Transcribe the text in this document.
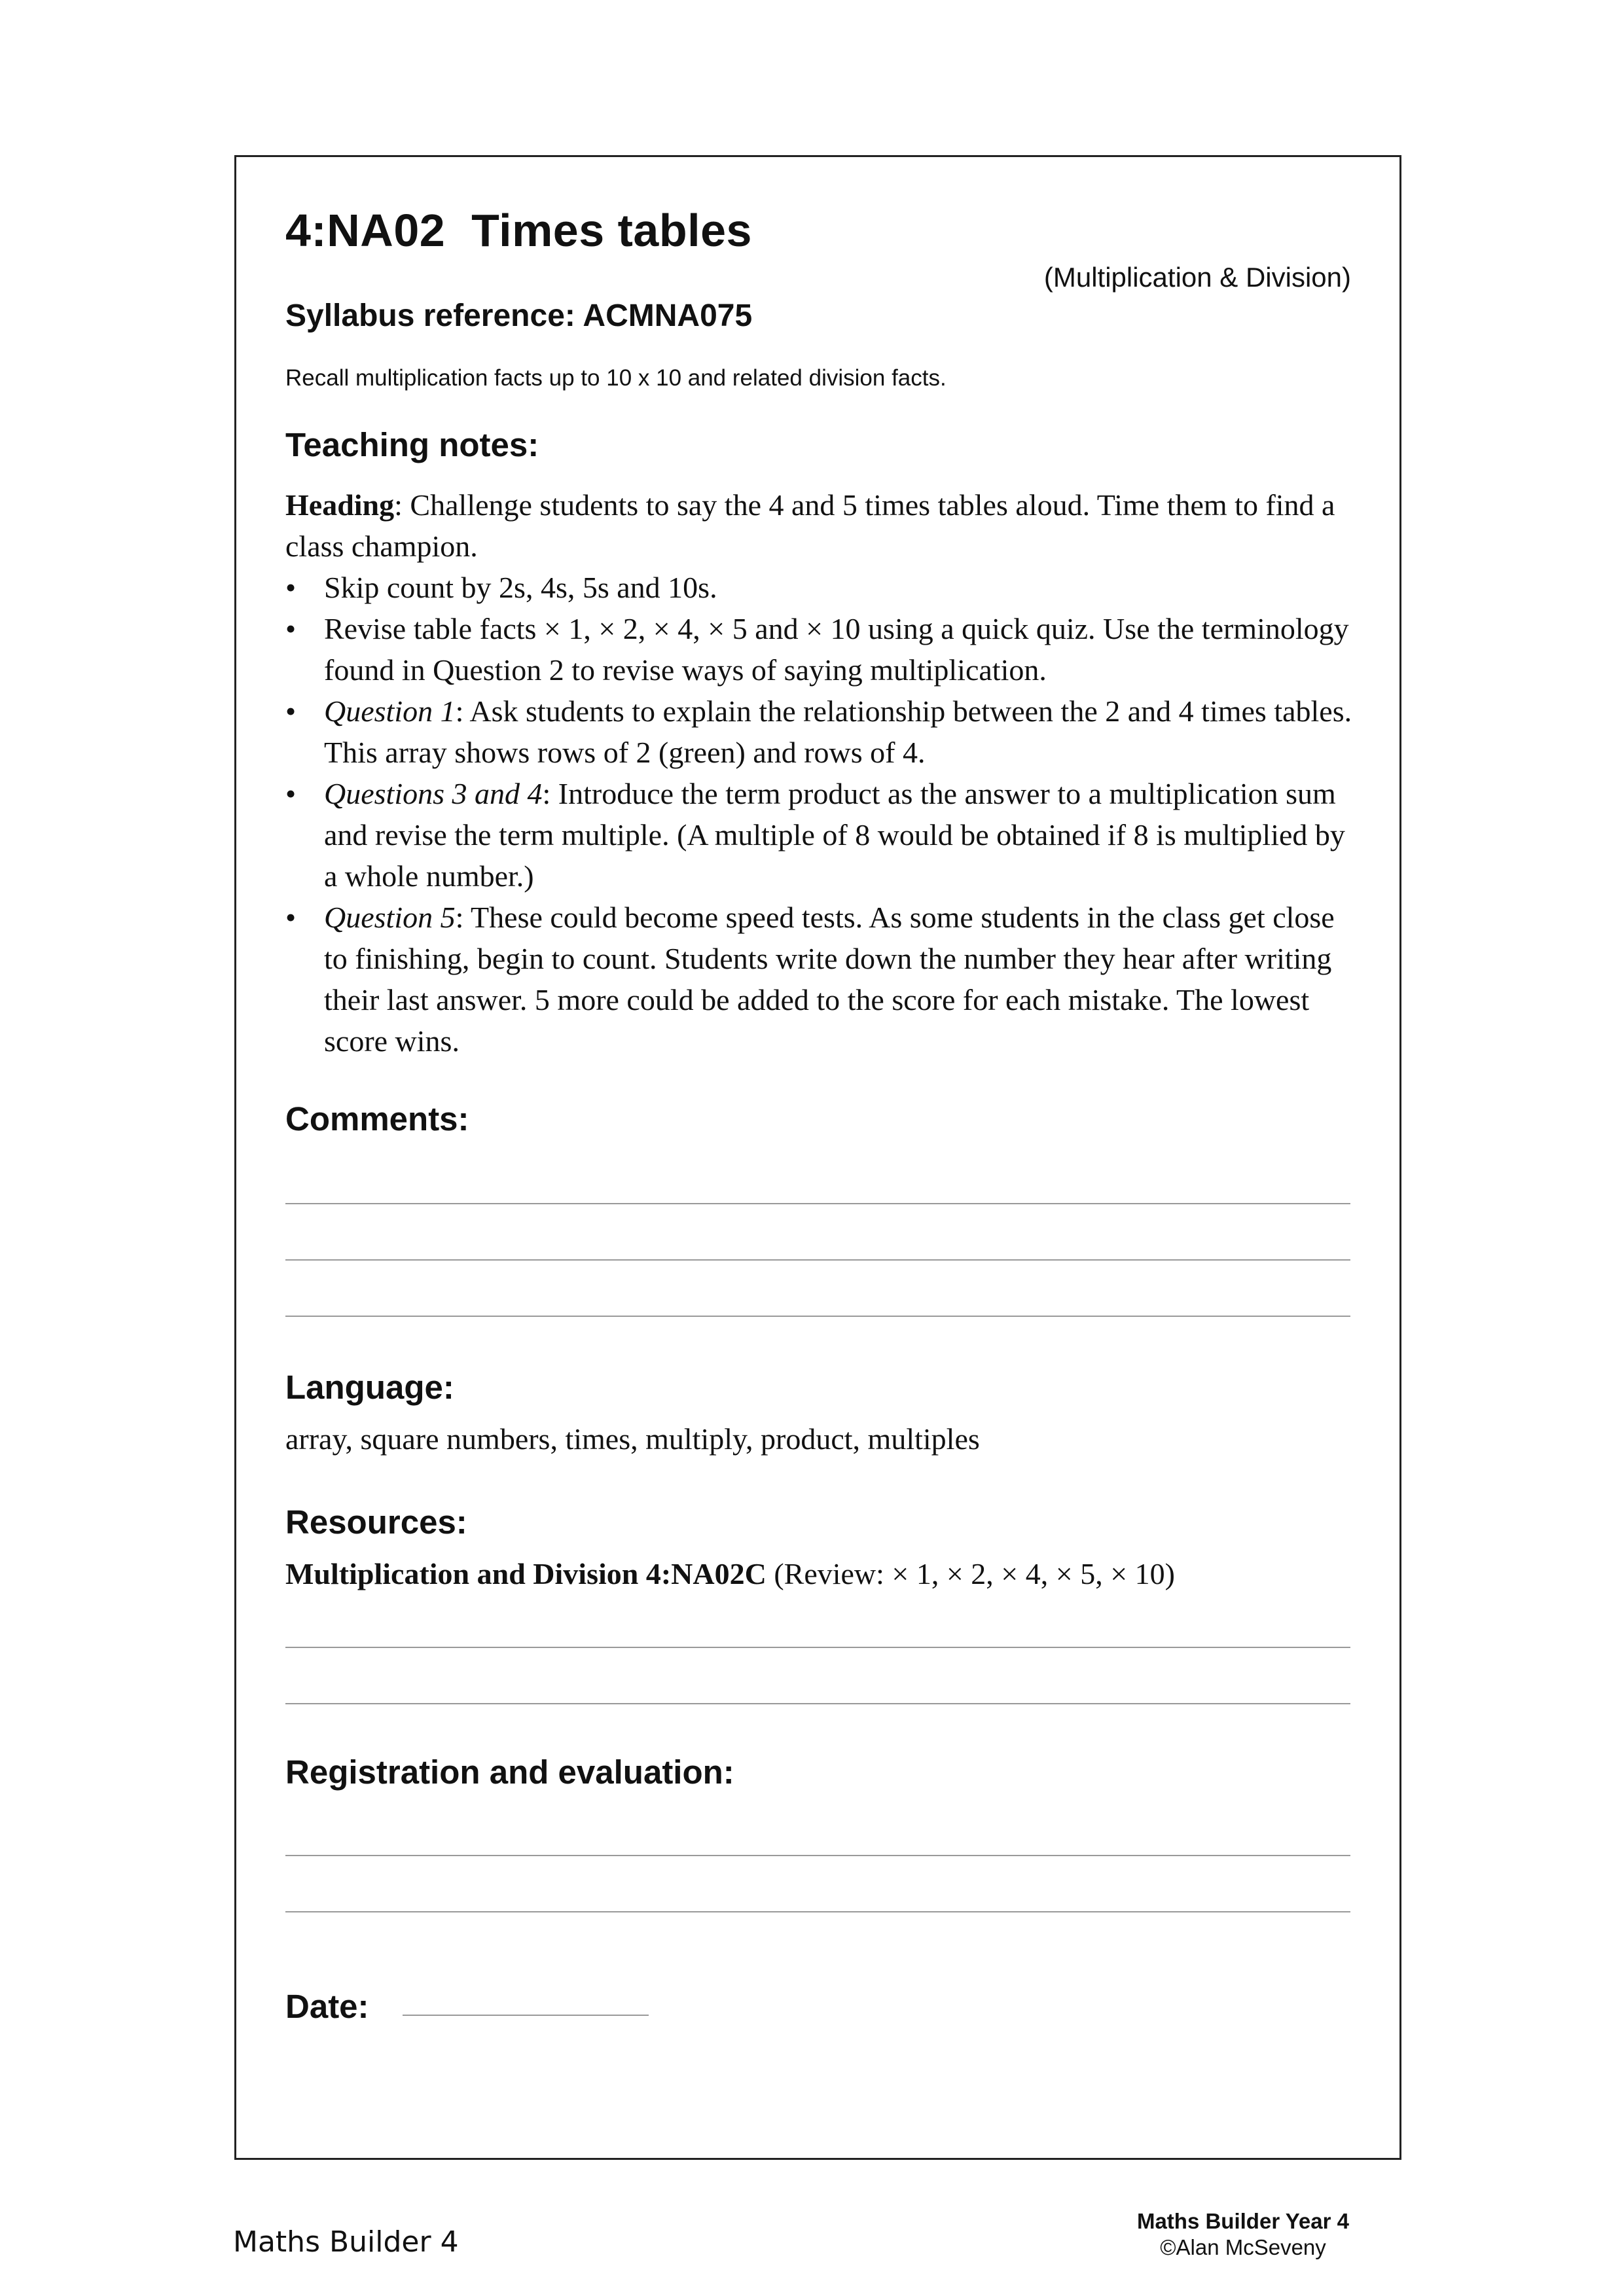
4:NA02 Times tables
(Multiplication & Division)
Syllabus reference: ACMNA075
Recall multiplication facts up to 10 x 10 and related division facts.
Teaching notes:

Heading: Challenge students to say the 4 and 5 times tables aloud. Time them to find a class champion.

• Skip count by 2s, 4s, 5s and 10s.
• Revise table facts × 1, × 2, × 4, × 5 and × 10 using a quick quiz. Use the terminology found in Question 2 to revise ways of saying multiplication.
• Question 1: Ask students to explain the relationship between the 2 and 4 times tables. This array shows rows of 2 (green) and rows of 4.
• Questions 3 and 4: Introduce the term product as the answer to a multiplication sum and revise the term multiple. (A multiple of 8 would be obtained if 8 is multiplied by a whole number.)
• Question 5: These could become speed tests. As some students in the class get close to finishing, begin to count. Students write down the number they hear after writing their last answer. 5 more could be added to the score for each mistake. The lowest score wins.
Comments:
Language:
array, square numbers, times, multiply, product, multiples
Resources:
Multiplication and Division 4:NA02C (Review: × 1, × 2, × 4, × 5, × 10)
Registration and evaluation:
Date:
Maths Builder 4
Maths Builder Year 4
©Alan McSeveny
